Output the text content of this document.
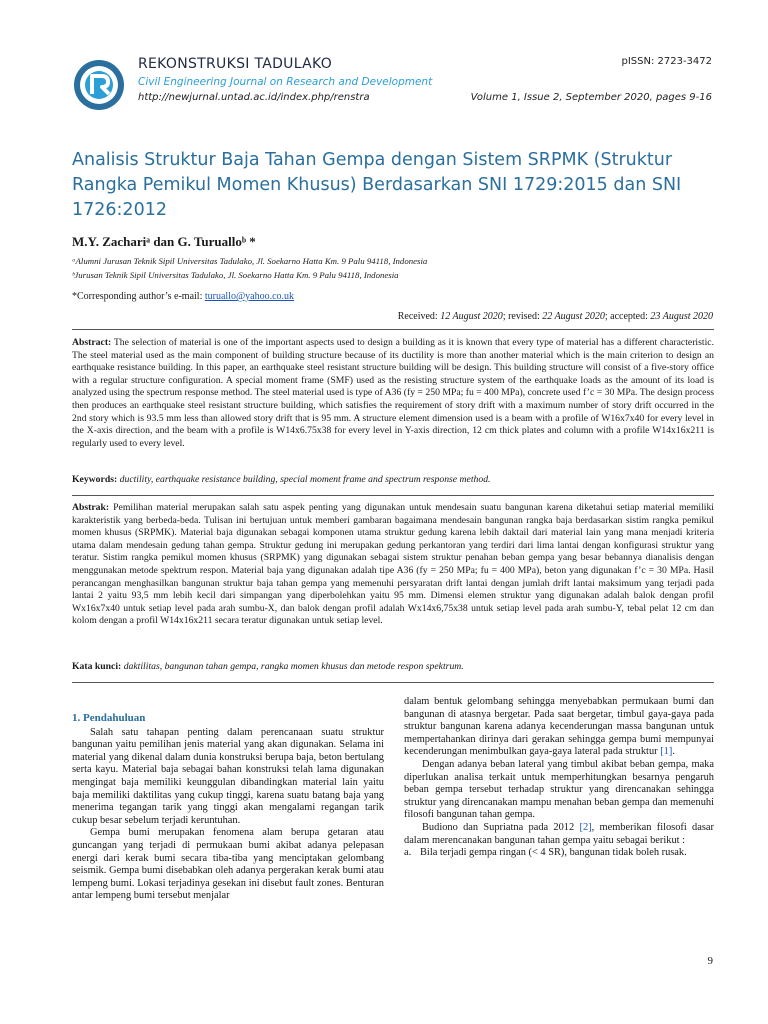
REKONSTRUKSI TADULAKO
Civil Engineering Journal on Research and Development
http://newjurnal.untad.ac.id/index.php/renstra
pISSN: 2723-3472
Volume 1, Issue 2, September 2020, pages 9-16
Analisis Struktur Baja Tahan Gempa dengan Sistem SRPMK (Struktur Rangka Pemikul Momen Khusus) Berdasarkan SNI 1729:2015 dan SNI 1726:2012
M.Y. Zachariᵃ dan G. Turualloᵇ *
ᵃAlumni Jurusan Teknik Sipil Universitas Tadulako, Jl. Soekarno Hatta Km. 9 Palu 94118, Indonesia
ᵇJurusan Teknik Sipil Universitas Tadulako, Jl. Soekarno Hatta Km. 9 Palu 94118, Indonesia
*Corresponding author’s e-mail: turuallo@yahoo.co.uk
Received: 12 August 2020; revised: 22 August 2020; accepted: 23 August 2020
Abstract: The selection of material is one of the important aspects used to design a building as it is known that every type of material has a different characteristic. The steel material used as the main component of building structure because of its ductility is more than another material which is the main criterion to design an earthquake resistance building. In this paper, an earthquake steel resistant structure building will be design. This building structure will consist of a five-story office with a regular structure configuration. A special moment frame (SMF) used as the resisting structure system of the earthquake loads as the amount of its load is analyzed using the spectrum response method. The steel material used is type of A36 (fy = 250 MPa; fu = 400 MPa), concrete used f’c = 30 MPa. The design process then produces an earthquake steel resistant structure building, which satisfies the requirement of story drift with a maximum number of story drift occurred in the 2nd story which is 93.5 mm less than allowed story drift that is 95 mm. A structure element dimension used is a beam with a profile of W16x7x40 for every level in the X-axis direction, and the beam with a profile is W14x6.75x38 for every level in Y-axis direction, 12 cm thick plates and column with a profile W14x16x211 is regularly used to every level.
Keywords: ductility, earthquake resistance building, special moment frame and spectrum response method.
Abstrak: Pemilihan material merupakan salah satu aspek penting yang digunakan untuk mendesain suatu bangunan karena diketahui setiap material memiliki karakteristik yang berbeda-beda. Tulisan ini bertujuan untuk memberi gambaran bagaimana mendesain bangunan rangka baja berdasarkan sistim rangka pemikul momen khusus (SRPMK). Material baja digunakan sebagai komponen utama struktur gedung karena lebih daktail dari material lain yang mana menjadi kriteria utama dalam mendesain gedung tahan gempa. Struktur gedung ini merupakan gedung perkantoran yang terdiri dari lima lantai dengan konfigurasi struktur yang teratur. Sistim rangka pemikul momen khusus (SRPMK) yang digunakan sebagai sistem struktur penahan beban gempa yang besar bebannya dianalisis dengan menggunakan metode spektrum respon. Material baja yang digunakan adalah tipe A36 (fy = 250 MPa; fu = 400 MPa), beton yang digunakan f’c = 30 MPa. Hasil perancangan menghasilkan bangunan struktur baja tahan gempa yang memenuhi persyaratan drift lantai dengan jumlah drift lantai maksimum yang terjadi pada lantai 2 yaitu 93,5 mm lebih kecil dari simpangan yang diperbolehkan yaitu 95 mm. Dimensi elemen struktur yang digunakan adalah balok dengan profil Wx16x7x40 untuk setiap level pada arah sumbu-X, dan balok dengan profil adalah Wx14x6,75x38 untuk setiap level pada arah sumbu-Y, tebal pelat 12 cm dan kolom dengan a profil W14x16x211 secara teratur digunakan untuk setiap level.
Kata kunci: daktilitas, bangunan tahan gempa, rangka momen khusus dan metode respon spektrum.
1. Pendahuluan

Salah satu tahapan penting dalam perencanaan suatu struktur bangunan yaitu pemilihan jenis material yang akan digunakan. Selama ini material yang dikenal dalam dunia konstruksi berupa baja, beton bertulang serta kayu. Material baja sebagai bahan konstruksi telah lama digunakan mengingat baja memiliki keunggulan dibandingkan material lain yaitu baja memiliki daktilitas yang cukup tinggi, karena suatu batang baja yang menerima tegangan tarik yang tinggi akan mengalami regangan tarik cukup besar sebelum terjadi keruntuhan.

Gempa bumi merupakan fenomena alam berupa getaran atau guncangan yang terjadi di permukaan bumi akibat adanya pelepasan energi dari kerak bumi secara tiba-tiba yang menciptakan gelombang seismik. Gempa bumi disebabkan oleh adanya pergerakan kerak bumi atau lempeng bumi. Lokasi terjadinya gesekan ini disebut fault zones. Benturan antar lempeng bumi tersebut menjalar

dalam bentuk gelombang sehingga menyebabkan permukaan bumi dan bangunan di atasnya bergetar. Pada saat bergetar, timbul gaya-gaya pada struktur bangunan karena adanya kecenderungan massa bangunan untuk mempertahankan dirinya dari gerakan sehingga gempa bumi mempunyai kecenderungan menimbulkan gaya-gaya lateral pada struktur [1].

Dengan adanya beban lateral yang timbul akibat beban gempa, maka diperlukan analisa terkait untuk memperhitungkan besarnya pengaruh beban gempa tersebut terhadap struktur yang direncanakan sehingga struktur yang direncanakan mampu menahan beban gempa dan memenuhi filosofi bangunan tahan gempa.

Budiono dan Supriatna pada 2012 [2], memberikan filosofi dasar dalam merencanakan bangunan tahan gempa yaitu sebagai berikut :

a. Bila terjadi gempa ringan (< 4 SR), bangunan tidak boleh rusak.
9
